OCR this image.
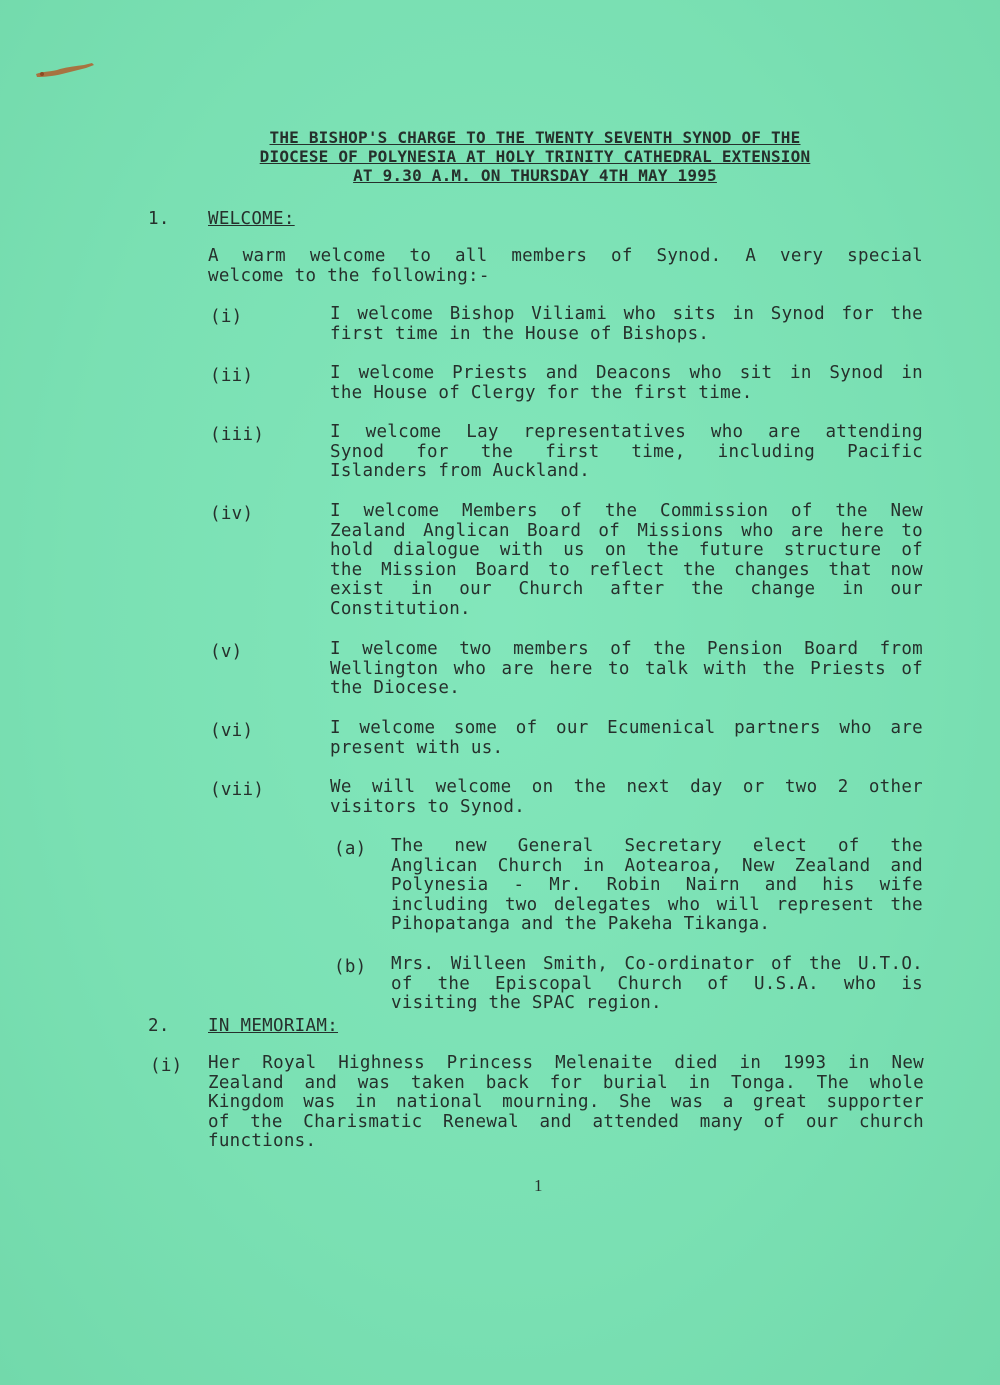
THE BISHOP'S CHARGE TO THE TWENTY SEVENTH SYNOD OF THE
DIOCESE OF POLYNESIA AT HOLY TRINITY CATHEDRAL EXTENSION
AT 9.30 A.M. ON THURSDAY 4TH MAY 1995
1. WELCOME:
A warm welcome to all members of Synod. A very special
welcome to the following:-
(i)	I welcome Bishop Viliami who sits in Synod for the
first time in the House of Bishops.
(ii)	I welcome Priests and Deacons who sit in Synod in
the House of Clergy for the first time.
(iii)	I welcome Lay representatives who are attending
Synod for the first time, including Pacific
Islanders from Auckland.
(iv)	I welcome Members of the Commission of the New
Zealand Anglican Board of Missions who are here to
hold dialogue with us on the future structure of
the Mission Board to reflect the changes that now
exist in our Church after the change in our
Constitution.
(v)	I welcome two members of the Pension Board from
Wellington who are here to talk with the Priests of
the Diocese.
(vi)	I welcome some of our Ecumenical partners who are
present with us.
(vii)	We will welcome on the next day or two 2 other
visitors to Synod.
(a) The new General Secretary elect of the
Anglican Church in Aotearoa, New Zealand and
Polynesia - Mr. Robin Nairn and his wife
including two delegates who will represent the
Pihopatanga and the Pakeha Tikanga.
(b) Mrs. Willeen Smith, Co-ordinator of the U.T.O.
of the Episcopal Church of U.S.A. who is
visiting the SPAC region.
2. IN MEMORIAM:
(i) Her Royal Highness Princess Melenaite died in 1993 in New
Zealand and was taken back for burial in Tonga. The whole
Kingdom was in national mourning. She was a great supporter
of the Charismatic Renewal and attended many of our church
functions.
1
